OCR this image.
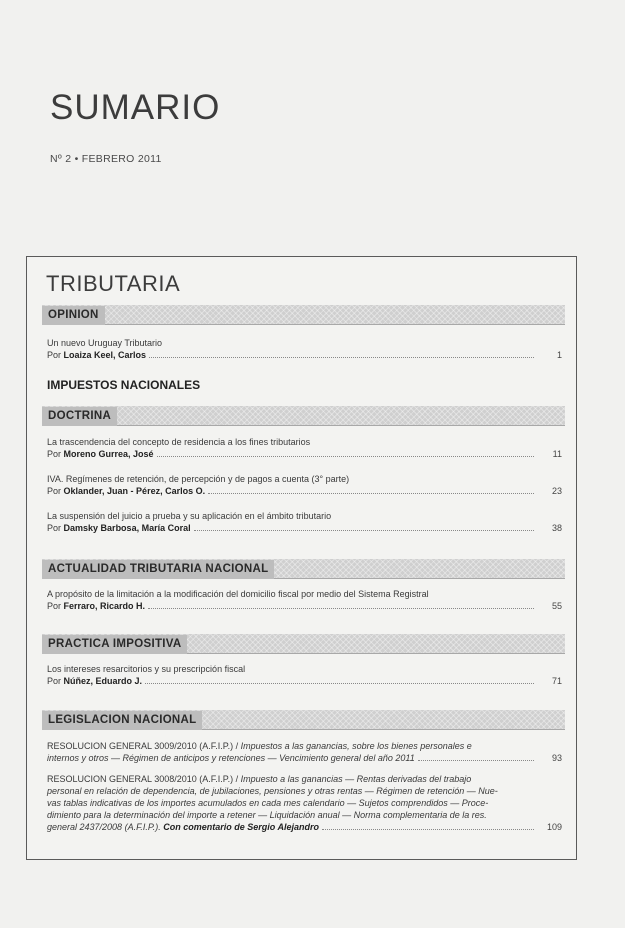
SUMARIO
Nº 2 • FEBRERO 2011
TRIBUTARIA
OPINION
Un nuevo Uruguay Tributario
Por
Loaiza Keel, Carlos	1
IMPUESTOS NACIONALES
DOCTRINA
La trascendencia del concepto de residencia a los fines tributarios
Por
Moreno Gurrea, José	11
IVA. Regímenes de retención, de percepción y de pagos a cuenta (3° parte)
Por
Oklander, Juan - Pérez, Carlos O.	23
La suspensión del juicio a prueba y su aplicación en el ámbito tributario
Por
Damsky Barbosa, María Coral	38
ACTUALIDAD TRIBUTARIA NACIONAL
A propósito de la limitación a la modificación del domicilio fiscal por medio del Sistema Registral
Por
Ferraro, Ricardo H.	55
PRACTICA IMPOSITIVA
Los intereses resarcitorios y su prescripción fiscal
Por
Núñez, Eduardo J.	71
LEGISLACION NACIONAL
RESOLUCION GENERAL 3009/2010 (A.F.I.P.) / Impuestos a las ganancias, sobre los bienes personales e
internos y otros — Régimen de anticipos y retenciones — Vencimiento general del año 2011	93
RESOLUCION GENERAL 3008/2010 (A.F.I.P.) / Impuesto a las ganancias — Rentas derivadas del trabajo
personal en relación de dependencia, de jubilaciones, pensiones y otras rentas — Régimen de retención — Nue-
vas tablas indicativas de los importes acumulados en cada mes calendario — Sujetos comprendidos — Proce-
dimiento para la determinación del importe a retener — Liquidación anual — Norma complementaria de la res.
general 2437/2008 (A.F.I.P.).
Con comentario de Sergio Alejandro	109
